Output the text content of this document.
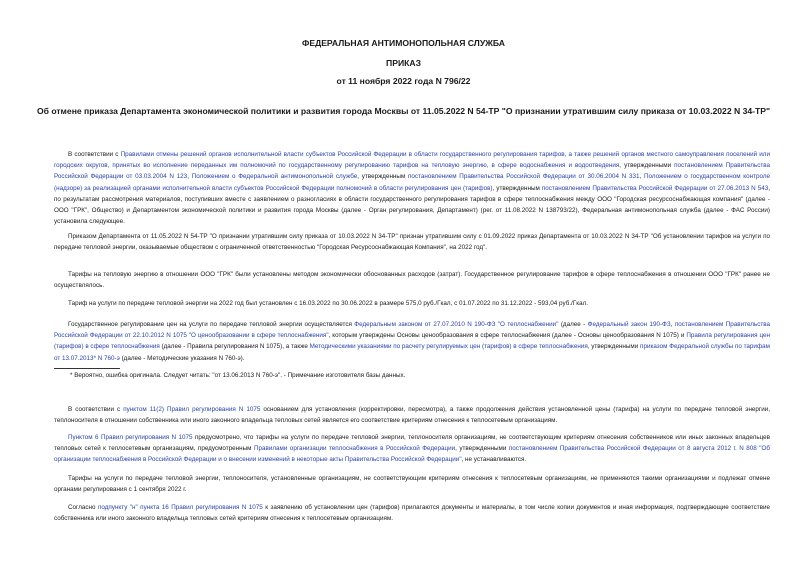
ФЕДЕРАЛЬНАЯ АНТИМОНОПОЛЬНАЯ СЛУЖБА
ПРИКАЗ
от 11 ноября 2022 года N 796/22
Об отмене приказа Департамента экономической политики и развития города Москвы от 11.05.2022 N 54-ТР "О признании утратившим силу приказа от 10.03.2022 N 34-ТР"

В соответствии с Правилами отмены решений органов исполнительной власти субъектов Российской Федерации в области государственного регулирования тарифов, а также решений органов местного самоуправления поселений или городских округов, принятых во исполнение переданных им полномочий по государственному регулированию тарифов на тепловую энергию, в сфере водоснабжения и водоотведения, утвержденными постановлением Правительства Российской Федерации от 03.03.2004 N 123, Положением о Федеральной антимонопольной службе, утвержденным постановлением Правительства Российской Федерации от 30.06.2004 N 331, Положением о государственном контроле (надзоре) за реализацией органами исполнительной власти субъектов Российской Федерации полномочий в области регулирования цен (тарифов), утвержденным постановлением Правительства Российской Федерации от 27.06.2013 N 543, по результатам рассмотрения материалов, поступивших вместе с заявлением о разногласиях в области государственного регулирования тарифов в сфере теплоснабжения между ООО "Городская ресурсоснабжающая компания" (далее - ООО "ГРК", Общество) и Департаментом экономической политики и развития города Москвы (далее - Орган регулирования, Департамент) (рег. от 11.08.2022 N 138793/22), Федеральная антимонопольная служба (далее - ФАС России) установила следующее.

Приказом Департамента от 11.05.2022 N 54-ТР "О признании утратившим силу приказа от 10.03.2022 N 34-ТР" признан утратившим силу с 01.09.2022 приказ Департамента от 10.03.2022 N 34-ТР "Об установлении тарифов на услуги по передаче тепловой энергии, оказываемые обществом с ограниченной ответственностью "Городская Ресурсоснабжающая Компания", на 2022 год".

Тарифы на тепловую энергию в отношении ООО "ГРК" были установлены методом экономически обоснованных расходов (затрат). Государственное регулирование тарифов в сфере теплоснабжения в отношении ООО "ГРК" ранее не осуществлялось.

Тариф на услуги по передаче тепловой энергии на 2022 год был установлен с 16.03.2022 по 30.06.2022 в размере 575,0 руб./Гкал, с 01.07.2022 по 31.12.2022 - 593,04 руб./Гкал.

Государственное регулирование цен на услуги по передаче тепловой энергии осуществляется Федеральным законом от 27.07.2010 N 190-ФЗ "О теплоснабжении" (далее - Федеральный закон 190-ФЗ, постановлением Правительства Российской Федерации от 22.10.2012 N 1075 "О ценообразовании в сфере теплоснабжения", которым утверждены Основы ценообразования в сфере теплоснабжения (далее - Основы ценообразования N 1075) и Правила регулирования цен (тарифов) в сфере теплоснабжения (далее - Правила регулирования N 1075), а также Методическими указаниями по расчету регулируемых цен (тарифов) в сфере теплоснабжения, утвержденными приказом Федеральной службы по тарифам от 13.07.2013* N 760-э (далее - Методические указания N 760-э).

* Вероятно, ошибка оригинала. Следует читать: "от 13.06.2013 N 760-э". - Примечание изготовителя базы данных.

В соответствии с пунктом 11(2) Правил регулирования N 1075 основанием для установления (корректировки, пересмотра), а также продолжения действия установленной цены (тарифа) на услуги по передаче тепловой энергии, теплоносителя в отношении собственника или иного законного владельца тепловых сетей является его соответствие критериям отнесения к теплосетевым организациям.

Пунктом 6 Правил регулирования N 1075 предусмотрено, что тарифы на услуги по передаче тепловой энергии, теплоносителя организациям, не соответствующим критериям отнесения собственников или иных законных владельцев тепловых сетей к теплосетевым организациям, предусмотренным Правилами организации теплоснабжения в Российской Федерации, утвержденными постановлением Правительства Российской Федерации от 8 августа 2012 г. N 808 "Об организации теплоснабжения в Российской Федерации и о внесении изменений в некоторые акты Правительства Российской Федерации", не устанавливаются.

Тарифы на услуги по передаче тепловой энергии, теплоносителя, установленные организациям, не соответствующим критериям отнесения к теплосетевым организациям, не применяются такими организациями и подлежат отмене органами регулирования с 1 сентября 2022 г.

Согласно подпункту "н" пункта 16 Правил регулирования N 1075 к заявлению об установлении цен (тарифов) прилагаются документы и материалы, в том числе копии документов и иная информация, подтверждающие соответствие собственника или иного законного владельца тепловых сетей критериям отнесения к теплосетевым организациям.
